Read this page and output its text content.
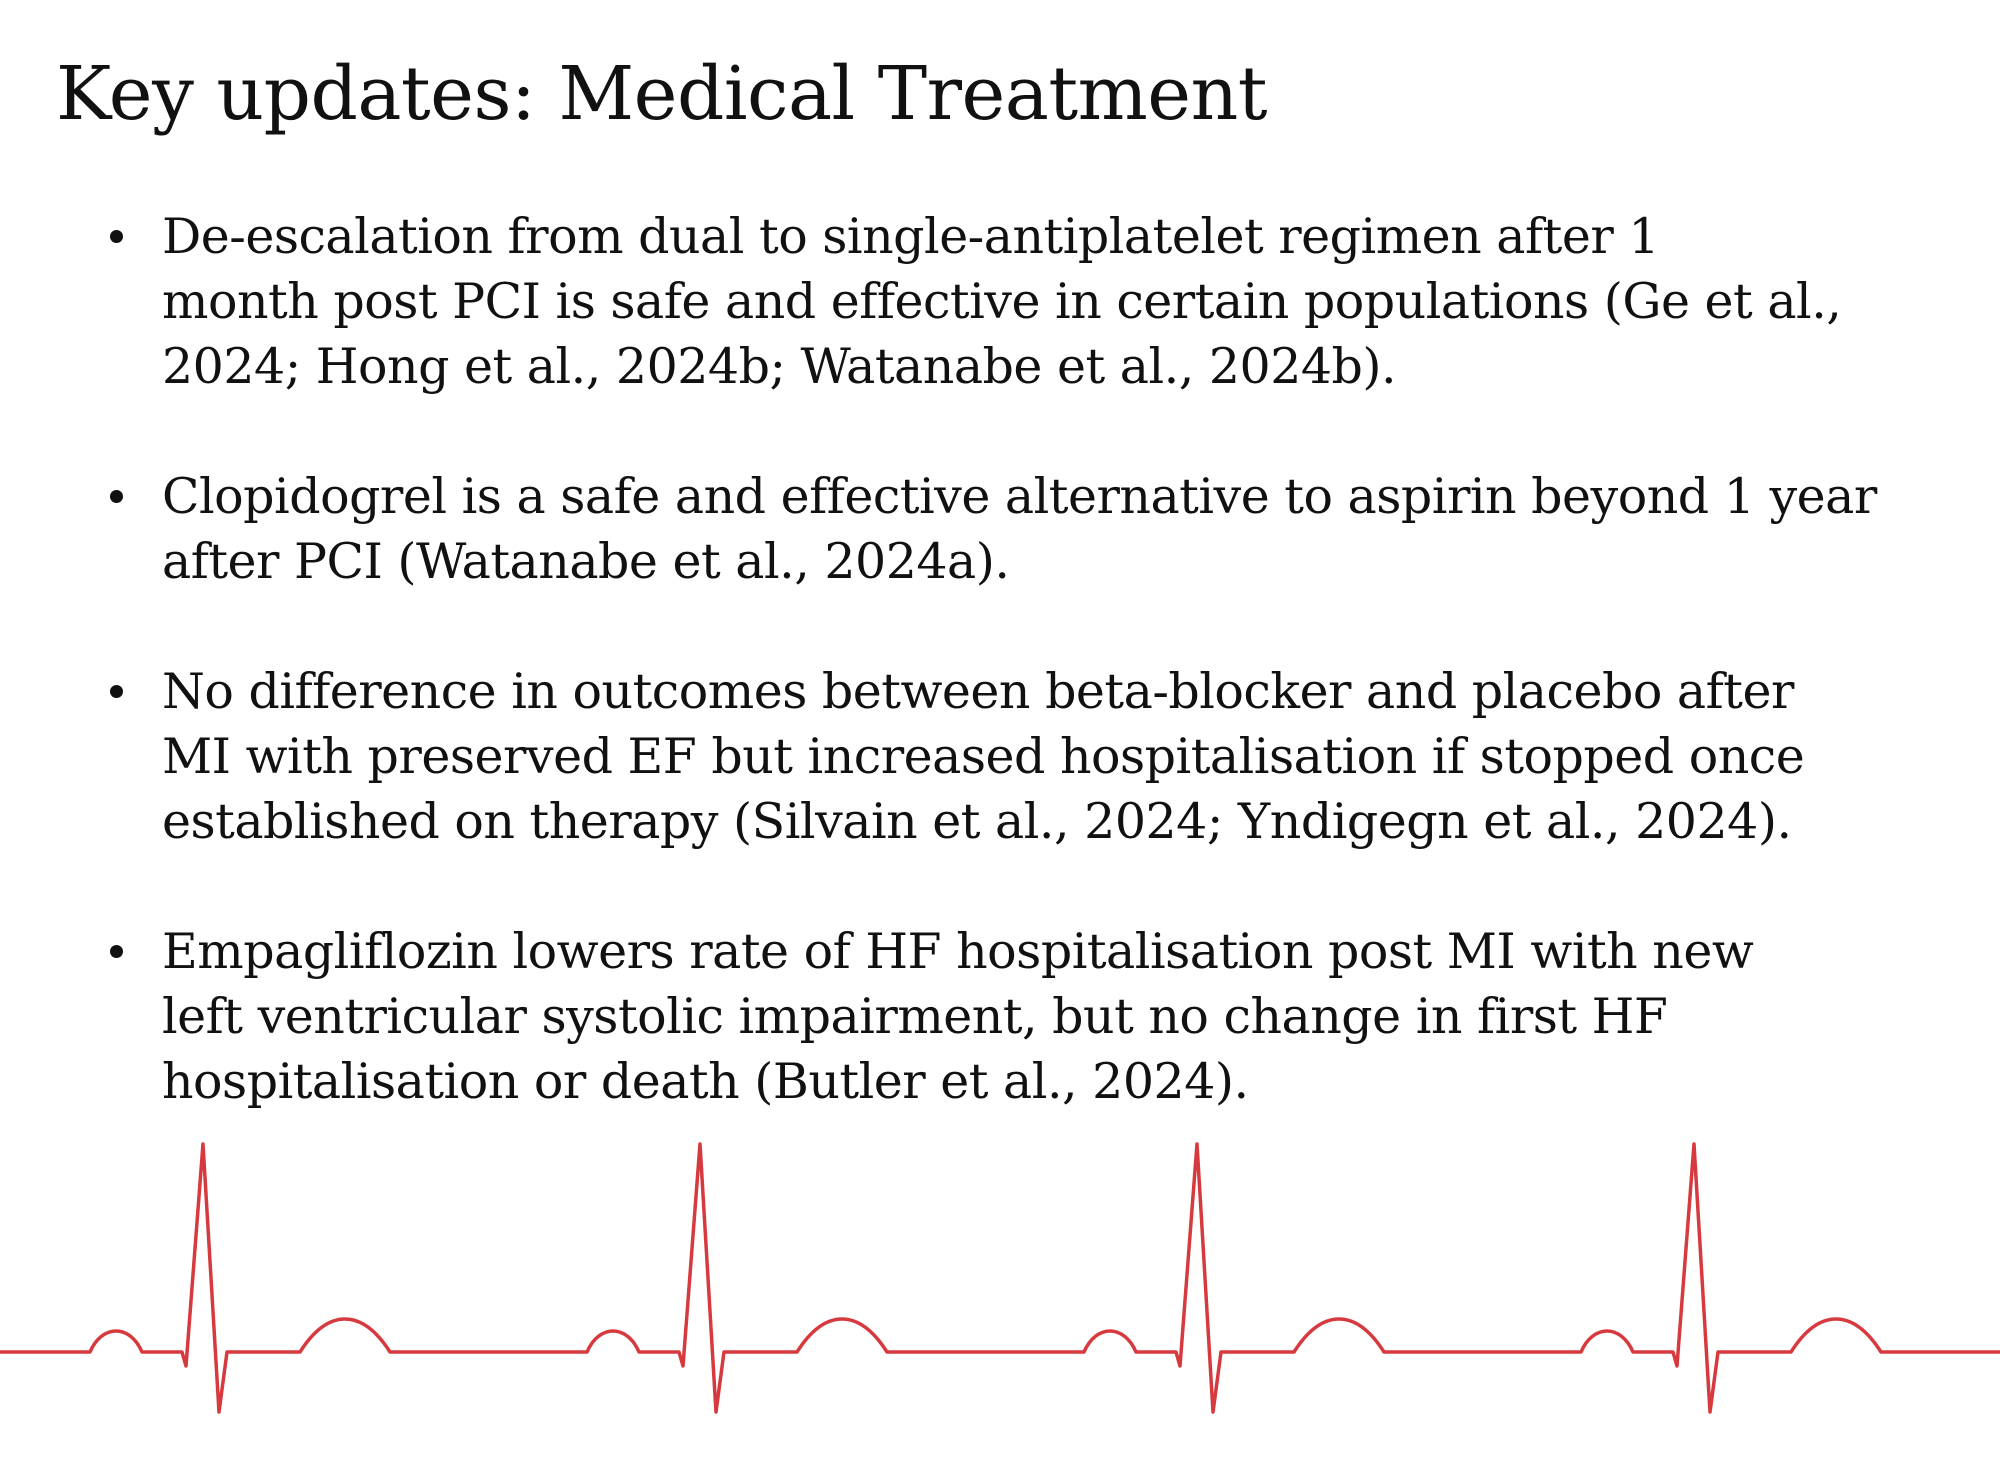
Key updates: Medical Treatment
De-escalation from dual to single-antiplatelet regimen after 1
month post PCI is safe and effective in certain populations (Ge et al.,
2024; Hong et al., 2024b; Watanabe et al., 2024b).
Clopidogrel is a safe and effective alternative to aspirin beyond 1 year
after PCI (Watanabe et al., 2024a).
No difference in outcomes between beta-blocker and placebo after
MI with preserved EF but increased hospitalisation if stopped once
established on therapy (Silvain et al., 2024; Yndigegn et al., 2024).
Empagliflozin lowers rate of HF hospitalisation post MI with new
left ventricular systolic impairment, but no change in first HF
hospitalisation or death (Butler et al., 2024).
